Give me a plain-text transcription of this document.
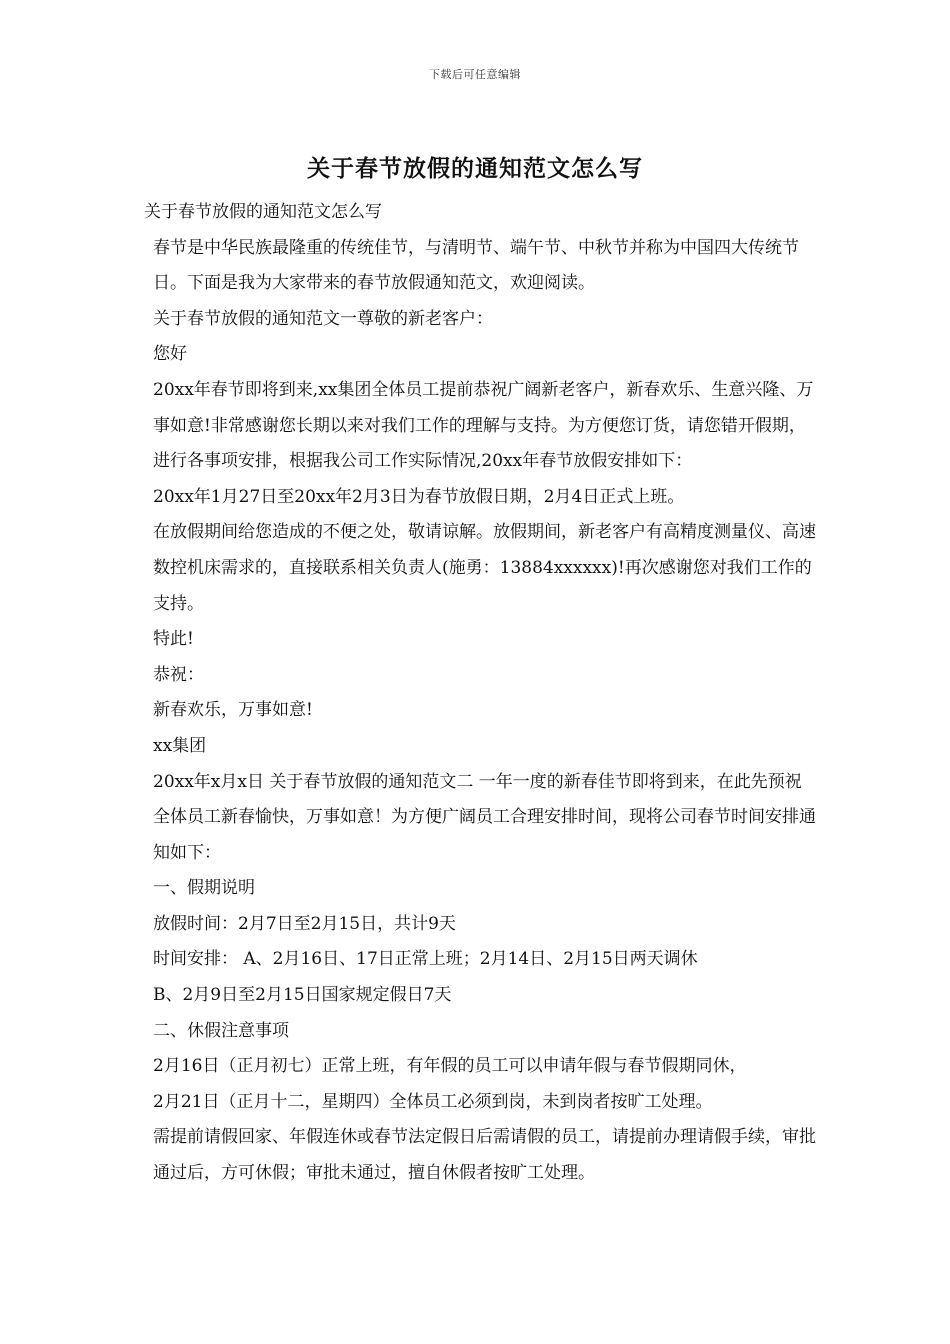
下载后可任意编辑
关于春节放假的通知范文怎么写

关于春节放假的通知范文怎么写

春节是中华民族最隆重的传统佳节，与清明节、端午节、中秋节并称为中国四大传统节日。下面是我为大家带来的春节放假通知范文，欢迎阅读。

关于春节放假的通知范文一尊敬的新老客户：

您好

20xx年春节即将到来,xx集团全体员工提前恭祝广阔新老客户，新春欢乐、生意兴隆、万事如意!非常感谢您长期以来对我们工作的理解与支持。为方便您订货，请您错开假期，进行各事项安排，根据我公司工作实际情况,20xx年春节放假安排如下：

20xx年1月27日至20xx年2月3日为春节放假日期，2月4日正式上班。

在放假期间给您造成的不便之处，敬请谅解。放假期间，新老客户有高精度测量仪、高速数控机床需求的，直接联系相关负责人(施勇：13884xxxxxx)!再次感谢您对我们工作的支持。

特此!

恭祝：

新春欢乐，万事如意!

xx集团

20xx年x月x日 关于春节放假的通知范文二 一年一度的新春佳节即将到来，在此先预祝全体员工新春愉快，万事如意！为方便广阔员工合理安排时间，现将公司春节时间安排通知如下：

一、假期说明

放假时间：2月7日至2月15日，共计9天

时间安排： A、2月16日、17日正常上班；2月14日、2月15日两天调休

B、2月9日至2月15日国家规定假日7天

二、休假注意事项

2月16日（正月初七）正常上班，有年假的员工可以申请年假与春节假期同休，

2月21日（正月十二，星期四）全体员工必须到岗，未到岗者按旷工处理。

需提前请假回家、年假连休或春节法定假日后需请假的员工，请提前办理请假手续，审批通过后，方可休假；审批未通过，擅自休假者按旷工处理。
